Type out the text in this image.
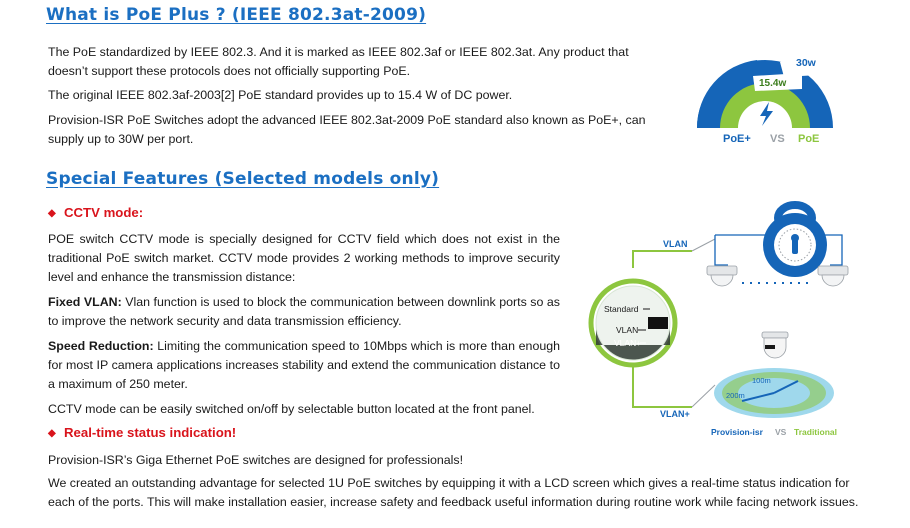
What is PoE Plus ? (IEEE 802.3at-2009)

The PoE standardized by IEEE 802.3. And it is marked as IEEE 802.3af or IEEE 802.3at. Any product that doesn’t support these protocols does not officially supporting PoE.

The original IEEE 802.3af-2003[2] PoE standard provides up to 15.4 W of DC power.

Provision-ISR PoE Switches adopt the advanced IEEE 802.3at-2009 PoE standard also known as PoE+, can supply up to 30W per port.

Special Features (Selected models only)
◆ CCTV mode:

POE switch CCTV mode is specially designed for CCTV field which does not exist in the traditional PoE switch market. CCTV mode provides 2 working methods to improve security level and enhance the transmission distance:

Fixed VLAN: Vlan function is used to block the communication between downlink ports so as to improve the network security and data transmission efficiency.

Speed Reduction: Limiting the communication speed to 10Mbps which is more than enough for most IP camera applications increases stability and extend the communication distance to a maximum of 250 meter.

CCTV mode can be easily switched on/off by selectable button located at the front panel.

◆ Real-time status indication!

Provision-ISR’s Giga Ethernet PoE switches are designed for professionals!

We created an outstanding advantage for selected 1U PoE switches by equipping it with a LCD screen which gives a real-time status indication for each of the ports. This will make installation easier, increase safety and feedback useful information during routine work while facing network issues.

30w
15.4w
PoE+ VS PoE
VLAN
VLAN+
Standard
VLAN
VLAN+
100m
200m
Provision-isr VS Traditional
